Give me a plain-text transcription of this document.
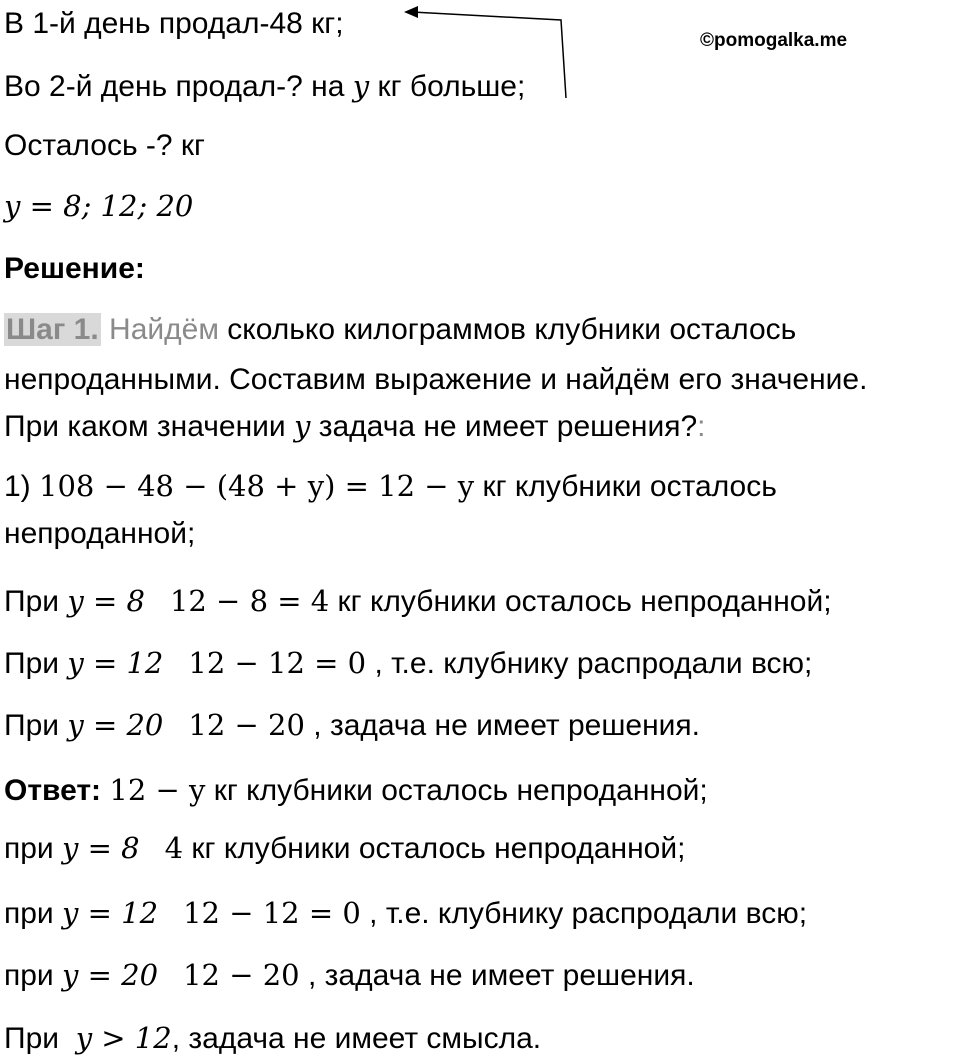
©pomogalka.me
В 1-й день продал-48 кг;
Во 2-й день продал-? на y кг больше;
Осталось -? кг
y = 8; 12; 20
Решение:
Шаг 1. Найдём сколько килограммов клубники осталось
непроданными. Составим выражение и найдём его значение.
При каком значении y задача не имеет решения?:
1) 108 − 48 − (48 + y) = 12 − y кг клубники осталось
непроданной;
При y = 8 12 − 8 = 4 кг клубники осталось непроданной;
При y = 12 12 − 12 = 0 , т.е. клубнику распродали всю;
При y = 20 12 − 20 , задача не имеет решения.
Ответ: 12 − y кг клубники осталось непроданной;
при y = 8 4 кг клубники осталось непроданной;
при y = 12 12 − 12 = 0 , т.е. клубнику распродали всю;
при y = 20 12 − 20 , задача не имеет решения.
При  y > 12, задача не имеет смысла.
